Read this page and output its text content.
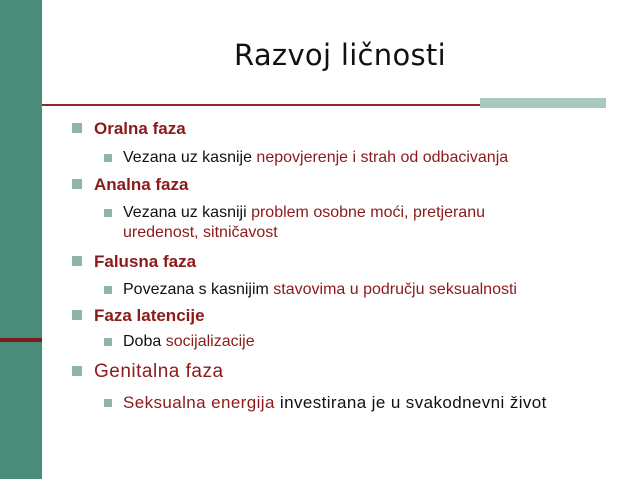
Razvoj ličnosti
Oralna faza
Vezana uz kasnije nepovjerenje i strah od odbacivanja
Analna faza
Vezana uz kasniji problem osobne moći, pretjeranu uredenost, sitničavost
Falusna faza
Povezana s kasnijim stavovima u području seksualnosti
Faza latencije
Doba socijalizacije
Genitalna faza
Seksualna energija investirana je u svakodnevni život
